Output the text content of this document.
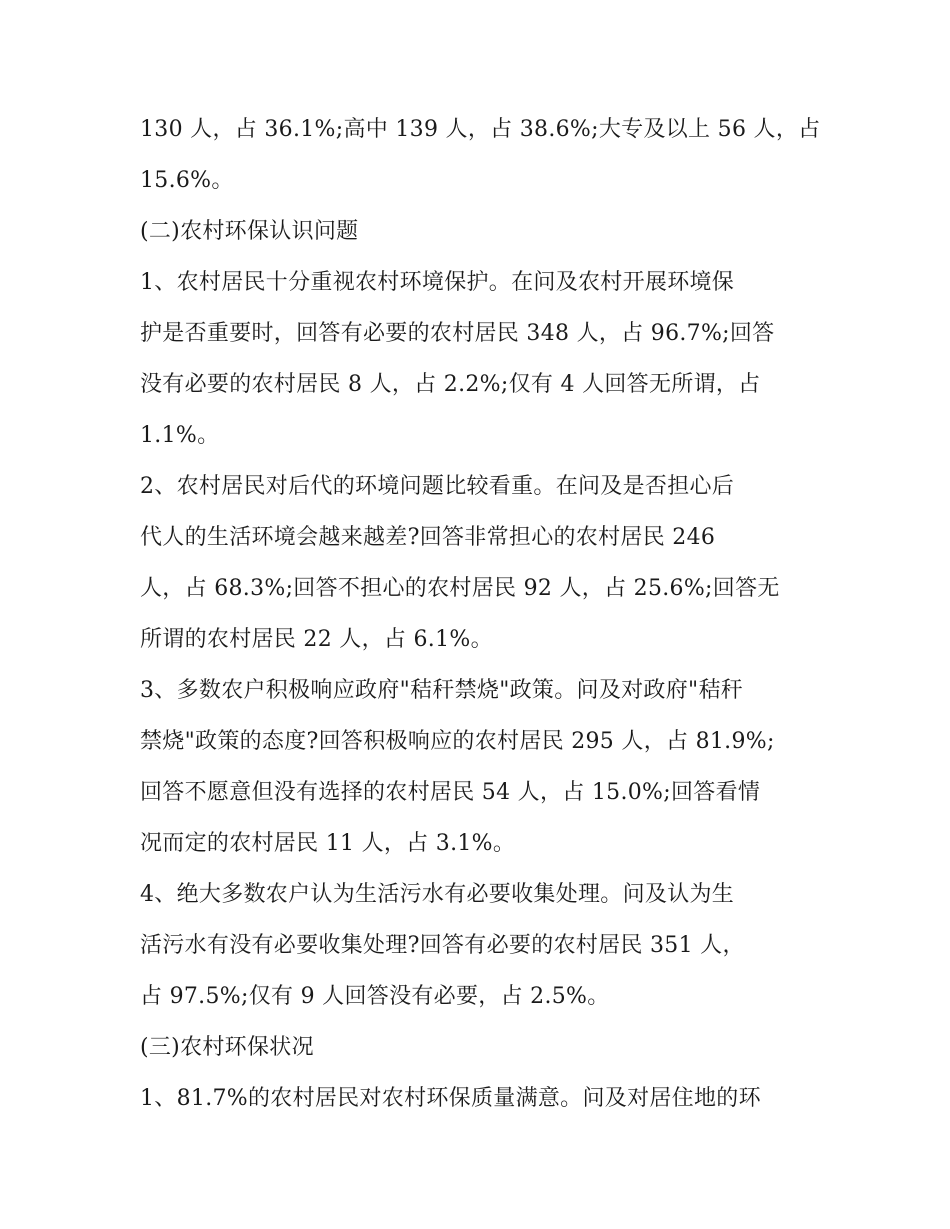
130 人，占 36.1%;高中 139 人，占 38.6%;大专及以上 56 人，占
15.6%。
(二)农村环保认识问题
1、农村居民十分重视农村环境保护。在问及农村开展环境保
护是否重要时，回答有必要的农村居民 348 人，占 96.7%;回答
没有必要的农村居民 8 人，占 2.2%;仅有 4 人回答无所谓，占
1.1%。
2、农村居民对后代的环境问题比较看重。在问及是否担心后
代人的生活环境会越来越差?回答非常担心的农村居民 246
人，占 68.3%;回答不担心的农村居民 92 人，占 25.6%;回答无
所谓的农村居民 22 人，占 6.1%。
3、多数农户积极响应政府"秸秆禁烧"政策。问及对政府"秸秆
禁烧"政策的态度?回答积极响应的农村居民 295 人，占 81.9%;
回答不愿意但没有选择的农村居民 54 人，占 15.0%;回答看情
况而定的农村居民 11 人，占 3.1%。
4、绝大多数农户认为生活污水有必要收集处理。问及认为生
活污水有没有必要收集处理?回答有必要的农村居民 351 人，
占 97.5%;仅有 9 人回答没有必要，占 2.5%。
(三)农村环保状况
1、81.7%的农村居民对农村环保质量满意。问及对居住地的环
